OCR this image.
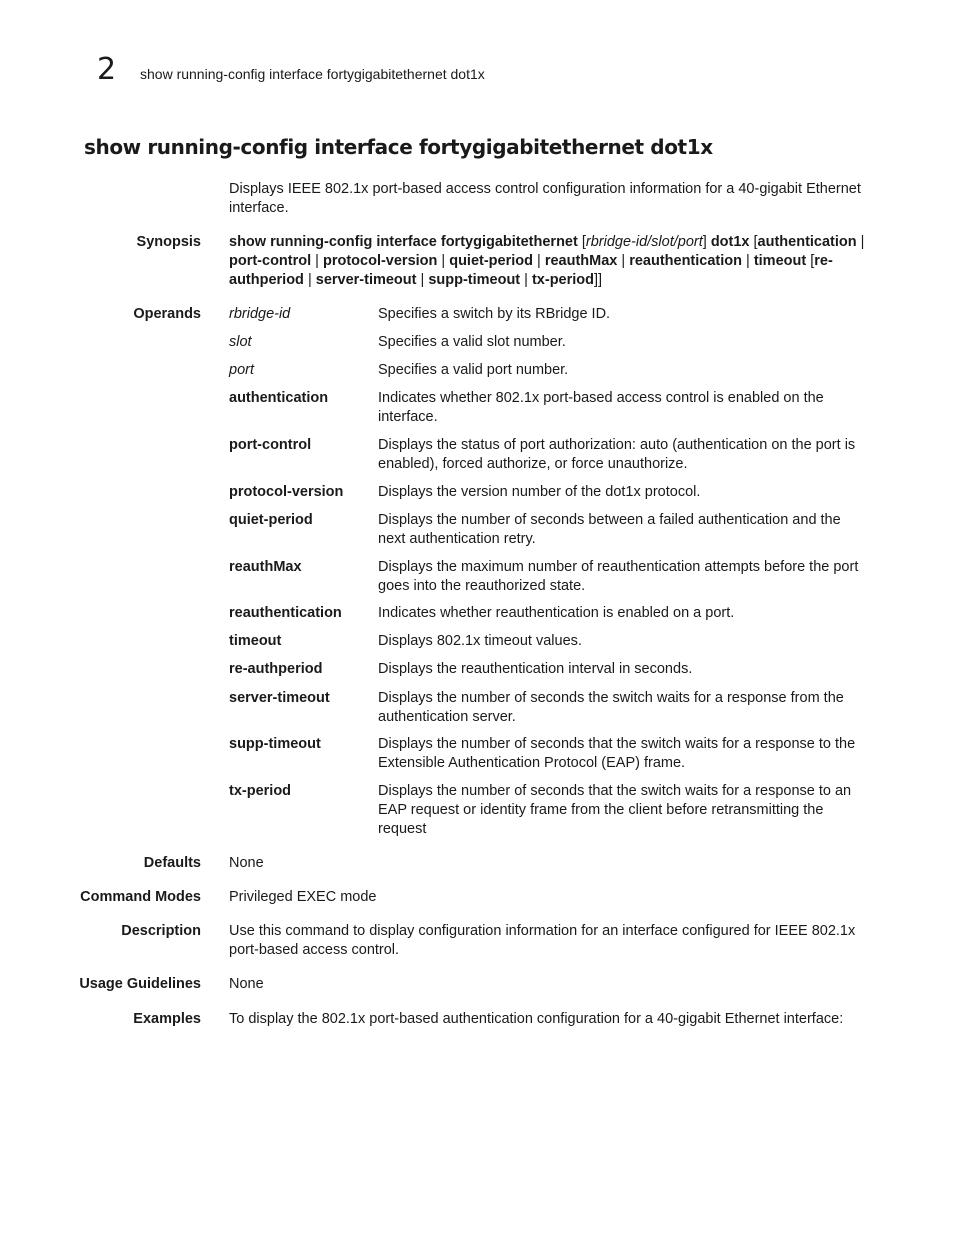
2 show running-config interface fortygigabitethernet dot1x
show running-config interface fortygigabitethernet dot1x

Displays IEEE 802.1x port-based access control configuration information for a 40-gigabit Ethernet interface.

Synopsis show running-config interface fortygigabitethernet [rbridge-id/slot/port] dot1x [authentication | port-control | protocol-version | quiet-period | reauthMax | reauthentication | timeout [re-authperiod | server-timeout | supp-timeout | tx-period]]
Operands rbridge-id	Specifies a switch by its RBridge ID.
slot	Specifies a valid slot number.
port	Specifies a valid port number.
authentication	Indicates whether 802.1x port-based access control is enabled on the interface.
port-control	Displays the status of port authorization: auto (authentication on the port is enabled), forced authorize, or force unauthorize.
protocol-version	Displays the version number of the dot1x protocol.
quiet-period	Displays the number of seconds between a failed authentication and the next authentication retry.
reauthMax	Displays the maximum number of reauthentication attempts before the port goes into the reauthorized state.
reauthentication	Indicates whether reauthentication is enabled on a port.
timeout	Displays 802.1x timeout values.
re-authperiod	Displays the reauthentication interval in seconds.
server-timeout	Displays the number of seconds the switch waits for a response from the authentication server.
supp-timeout	Displays the number of seconds that the switch waits for a response to the Extensible Authentication Protocol (EAP) frame.
tx-period	Displays the number of seconds that the switch waits for a response to an EAP request or identity frame from the client before retransmitting the request
Defaults None
Command Modes Privileged EXEC mode
Description Use this command to display configuration information for an interface configured for IEEE 802.1x port-based access control.
Usage Guidelines None
Examples To display the 802.1x port-based authentication configuration for a 40-gigabit Ethernet interface:
